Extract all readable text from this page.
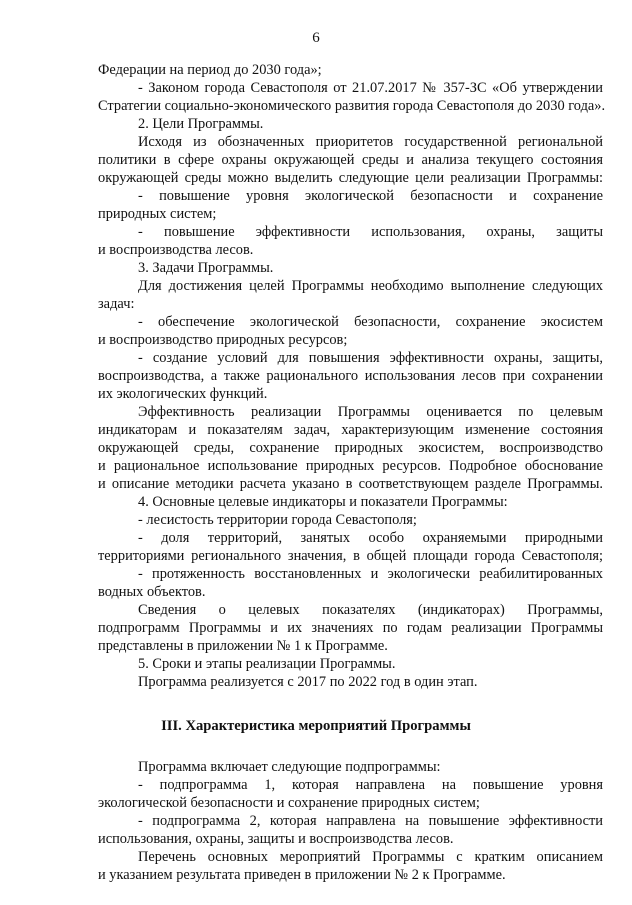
6
Федерации на период до 2030 года»;
- Законом города Севастополя от 21.07.2017 № 357-ЗС «Об утверждении
Стратегии социально-экономического развития города Севастополя до 2030 года».
2. Цели Программы.
Исходя из обозначенных приоритетов государственной региональной
политики в сфере охраны окружающей среды и анализа текущего состояния
окружающей среды можно выделить следующие цели реализации Программы:
- повышение уровня экологической безопасности и сохранение
природных систем;
- повышение эффективности использования, охраны, защиты
и воспроизводства лесов.
3. Задачи Программы.
Для достижения целей Программы необходимо выполнение следующих
задач:
- обеспечение экологической безопасности, сохранение экосистем
и воспроизводство природных ресурсов;
- создание условий для повышения эффективности охраны, защиты,
воспроизводства, а также рационального использования лесов при сохранении
их экологических функций.
Эффективность реализации Программы оценивается по целевым
индикаторам и показателям задач, характеризующим изменение состояния
окружающей среды, сохранение природных экосистем, воспроизводство
и рациональное использование природных ресурсов. Подробное обоснование
и описание методики расчета указано в соответствующем разделе Программы.
4. Основные целевые индикаторы и показатели Программы:
- лесистость территории города Севастополя;
- доля территорий, занятых особо охраняемыми природными
территориями регионального значения, в общей площади города Севастополя;
- протяженность восстановленных и экологически реабилитированных
водных объектов.
Сведения о целевых показателях (индикаторах) Программы,
подпрограмм Программы и их значениях по годам реализации Программы
представлены в приложении № 1 к Программе.
5. Сроки и этапы реализации Программы.
Программа реализуется с 2017 по 2022 год в один этап.
III. Характеристика мероприятий Программы
Программа включает следующие подпрограммы:
- подпрограмма 1, которая направлена на повышение уровня
экологической безопасности и сохранение природных систем;
- подпрограмма 2, которая направлена на повышение эффективности
использования, охраны, защиты и воспроизводства лесов.
Перечень основных мероприятий Программы с кратким описанием
и указанием результата приведен в приложении № 2 к Программе.
